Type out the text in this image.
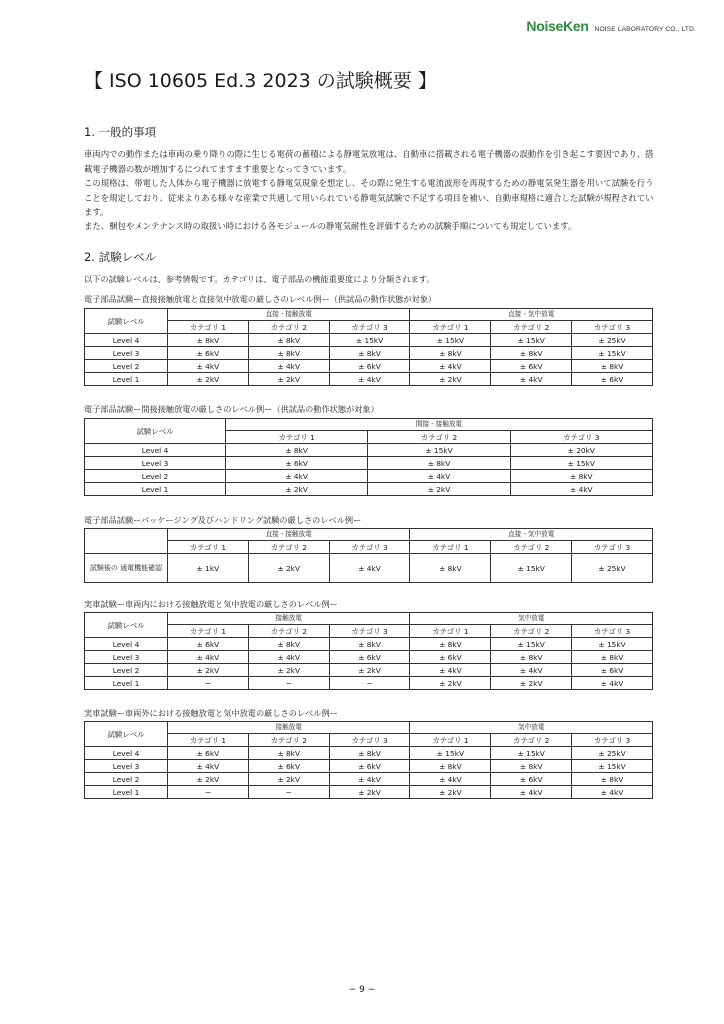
NoiseKen NOISE LABORATORY CO., LTD.
【 ISO 10605 Ed.3 2023 の試験概要 】
1. 一般的事項

車両内での動作または車両の乗り降りの際に生じる電荷の蓄積による静電気放電は、自動車に搭載される電子機器の誤動作を引き起こす要因であり、搭載電子機器の数が増加するにつれてますます重要となってきています。

この規格は、帯電した人体から電子機器に放電する静電気現象を想定し、その際に発生する電流波形を再現するための静電気発生器を用いて試験を行うことを規定しており、従来よりある様々な産業で共通して用いられている静電気試験で不足する項目を補い、自動車規格に適合した試験が規程されています。

また、梱包やメンテナンス時の取扱い時における各モジュールの静電気耐性を評価するための試験手順についても規定しています。

2. 試験レベル

以下の試験レベルは、参考情報です。カテゴリは、電子部品の機能重要度により分類されます。

電子部品試験ー直接接触放電と直接気中放電の厳しさのレベル例ー（供試品の動作状態が対象）

試験レベル	直接 - 接触放電			直接 - 気中放電		
	カテゴリ 1	カテゴリ 2	カテゴリ 3	カテゴリ 1	カテゴリ 2	カテゴリ 3
Level 4	± 8kV	± 8kV	± 15kV	± 15kV	± 15kV	± 25kV
Level 3	± 6kV	± 8kV	± 8kV	± 8kV	± 8kV	± 15kV
Level 2	± 4kV	± 4kV	± 6kV	± 4kV	± 6kV	± 8kV
Level 1	± 2kV	± 2kV	± 4kV	± 2kV	± 4kV	± 6kV

電子部品試験ー間接接触放電の厳しさのレベル例ー（供試品の動作状態が対象）

試験レベル	間接 - 接触放電		
	カテゴリ 1	カテゴリ 2	カテゴリ 3
Level 4	± 8kV	± 15kV	± 20kV
Level 3	± 6kV	± 8kV	± 15kV
Level 2	± 4kV	± 4kV	± 8kV
Level 1	± 2kV	± 2kV	± 4kV

電子部品試験ーパッケージング及びハンドリング試験の厳しさのレベル例ー

	直接 - 接触放電			直接 - 気中放電		
	カテゴリ 1	カテゴリ 2	カテゴリ 3	カテゴリ 1	カテゴリ 2	カテゴリ 3
試験後の 通電機能確認	± 1kV	± 2kV	± 4kV	± 8kV	± 15kV	± 25kV

実車試験ー車両内における接触放電と気中放電の厳しさのレベル例ー

試験レベル	接触放電			気中放電		
	カテゴリ 1	カテゴリ 2	カテゴリ 3	カテゴリ 1	カテゴリ 2	カテゴリ 3
Level 4	± 6kV	± 8kV	± 8kV	± 8kV	± 15kV	± 15kV
Level 3	± 4kV	± 4kV	± 6kV	± 6kV	± 8kV	± 8kV
Level 2	± 2kV	± 2kV	± 2kV	± 4kV	± 4kV	± 6kV
Level 1	−	−	−	± 2kV	± 2kV	± 4kV

実車試験ー車両外における接触放電と気中放電の厳しさのレベル例ー

試験レベル	接触放電			気中放電		
	カテゴリ 1	カテゴリ 2	カテゴリ 3	カテゴリ 1	カテゴリ 2	カテゴリ 3
Level 4	± 6kV	± 8kV	± 8kV	± 15kV	± 15kV	± 25kV
Level 3	± 4kV	± 6kV	± 6kV	± 8kV	± 8kV	± 15kV
Level 2	± 2kV	± 2kV	± 4kV	± 4kV	± 6kV	± 8kV
Level 1	−	−	± 2kV	± 2kV	± 4kV	± 4kV
− 9 −
